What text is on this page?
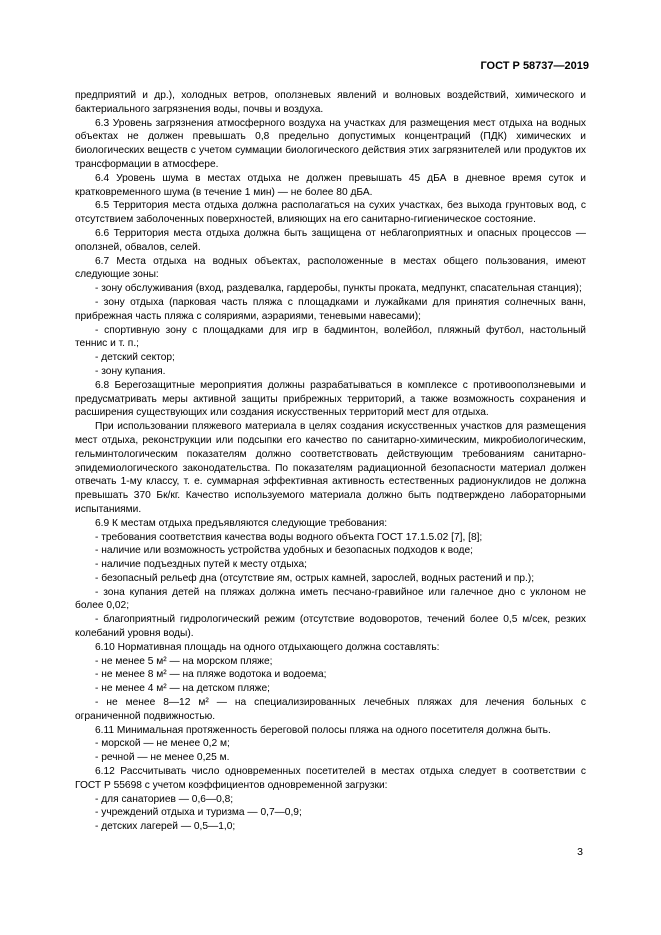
ГОСТ Р 58737—2019

предприятий и др.), холодных ветров, оползневых явлений и волновых воздействий, химического и бактериального загрязнения воды, почвы и воздуха.

6.3 Уровень загрязнения атмосферного воздуха на участках для размещения мест отдыха на водных объектах не должен превышать 0,8 предельно допустимых концентраций (ПДК) химических и биологических веществ с учетом суммации биологического действия этих загрязнителей или продуктов их трансформации в атмосфере.

6.4 Уровень шума в местах отдыха не должен превышать 45 дБА в дневное время суток и кратковременного шума (в течение 1 мин) — не более 80 дБА.

6.5 Территория места отдыха должна располагаться на сухих участках, без выхода грунтовых вод, с отсутствием заболоченных поверхностей, влияющих на его санитарно-гигиеническое состояние.

6.6 Территория места отдыха должна быть защищена от неблагоприятных и опасных процессов — оползней, обвалов, селей.

6.7 Места отдыха на водных объектах, расположенные в местах общего пользования, имеют следующие зоны:

- зону обслуживания (вход, раздевалка, гардеробы, пункты проката, медпункт, спасательная станция);

- зону отдыха (парковая часть пляжа с площадками и лужайками для принятия солнечных ванн, прибрежная часть пляжа с соляриями, аэрариями, теневыми навесами);

- спортивную зону с площадками для игр в бадминтон, волейбол, пляжный футбол, настольный теннис и т. п.;

- детский сектор;

- зону купания.

6.8 Берегозащитные мероприятия должны разрабатываться в комплексе с противооползневыми и предусматривать меры активной защиты прибрежных территорий, а также возможность сохранения и расширения существующих или создания искусственных территорий мест для отдыха.

При использовании пляжевого материала в целях создания искусственных участков для размещения мест отдыха, реконструкции или подсыпки его качество по санитарно-химическим, микробиологическим, гельминтологическим показателям должно соответствовать действующим требованиям санитарно-эпидемиологического законодательства. По показателям радиационной безопасности материал должен отвечать 1-му классу, т. е. суммарная эффективная активность естественных радионуклидов не должна превышать 370 Бк/кг. Качество используемого материала должно быть подтверждено лабораторными испытаниями.

6.9 К местам отдыха предъявляются следующие требования:

- требования соответствия качества воды водного объекта ГОСТ 17.1.5.02 [7], [8];

- наличие или возможность устройства удобных и безопасных подходов к воде;

- наличие подъездных путей к месту отдыха;

- безопасный рельеф дна (отсутствие ям, острых камней, зарослей, водных растений и пр.);

- зона купания детей на пляжах должна иметь песчано-гравийное или галечное дно с уклоном не более 0,02;

- благоприятный гидрологический режим (отсутствие водоворотов, течений более 0,5 м/сек, резких колебаний уровня воды).

6.10 Нормативная площадь на одного отдыхающего должна составлять:

- не менее 5 м² — на морском пляже;

- не менее 8 м² — на пляже водотока и водоема;

- не менее 4 м² — на детском пляже;

- не менее 8—12 м² — на специализированных лечебных пляжах для лечения больных с ограниченной подвижностью.

6.11 Минимальная протяженность береговой полосы пляжа на одного посетителя должна быть.

- морской — не менее 0,2 м;

- речной — не менее 0,25 м.

6.12 Рассчитывать число одновременных посетителей в местах отдыха следует в соответствии с ГОСТ Р 55698 с учетом коэффициентов одновременной загрузки:

- для санаториев — 0,6—0,8;

- учреждений отдыха и туризма — 0,7—0,9;

- детских лагерей — 0,5—1,0;

3
